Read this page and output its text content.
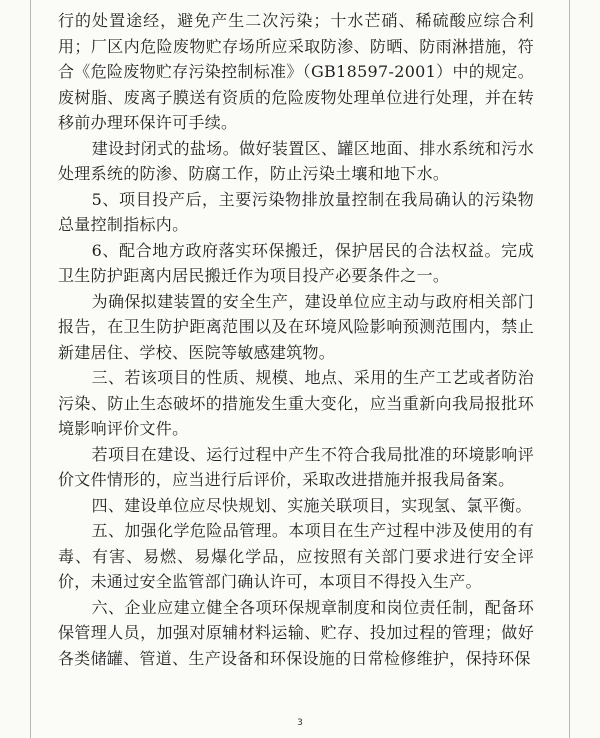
行的处置途经，避免产生二次污染；十水芒硝、稀硫酸应综合利用；厂区内危险废物贮存场所应采取防渗、防晒、防雨淋措施，符合《危险废物贮存污染控制标准》（GB18597-2001）中的规定。废树脂、废离子膜送有资质的危险废物处理单位进行处理，并在转移前办理环保许可手续。

建设封闭式的盐场。做好装置区、罐区地面、排水系统和污水处理系统的防渗、防腐工作，防止污染土壤和地下水。

5、项目投产后，主要污染物排放量控制在我局确认的污染物总量控制指标内。

6、配合地方政府落实环保搬迁，保护居民的合法权益。完成卫生防护距离内居民搬迁作为项目投产必要条件之一。

为确保拟建装置的安全生产，建设单位应主动与政府相关部门报告，在卫生防护距离范围以及在环境风险影响预测范围内，禁止新建居住、学校、医院等敏感建筑物。

三、若该项目的性质、规模、地点、采用的生产工艺或者防治污染、防止生态破坏的措施发生重大变化，应当重新向我局报批环境影响评价文件。

若项目在建设、运行过程中产生不符合我局批准的环境影响评价文件情形的，应当进行后评价，采取改进措施并报我局备案。

四、建设单位应尽快规划、实施关联项目，实现氢、氯平衡。

五、加强化学危险品管理。本项目在生产过程中涉及使用的有毒、有害、易燃、易爆化学品，应按照有关部门要求进行安全评价，未通过安全监管部门确认许可，本项目不得投入生产。

六、企业应建立健全各项环保规章制度和岗位责任制，配备环保管理人员，加强对原辅材料运输、贮存、投加过程的管理；做好各类储罐、管道、生产设备和环保设施的日常检修维护，保持环保

3
